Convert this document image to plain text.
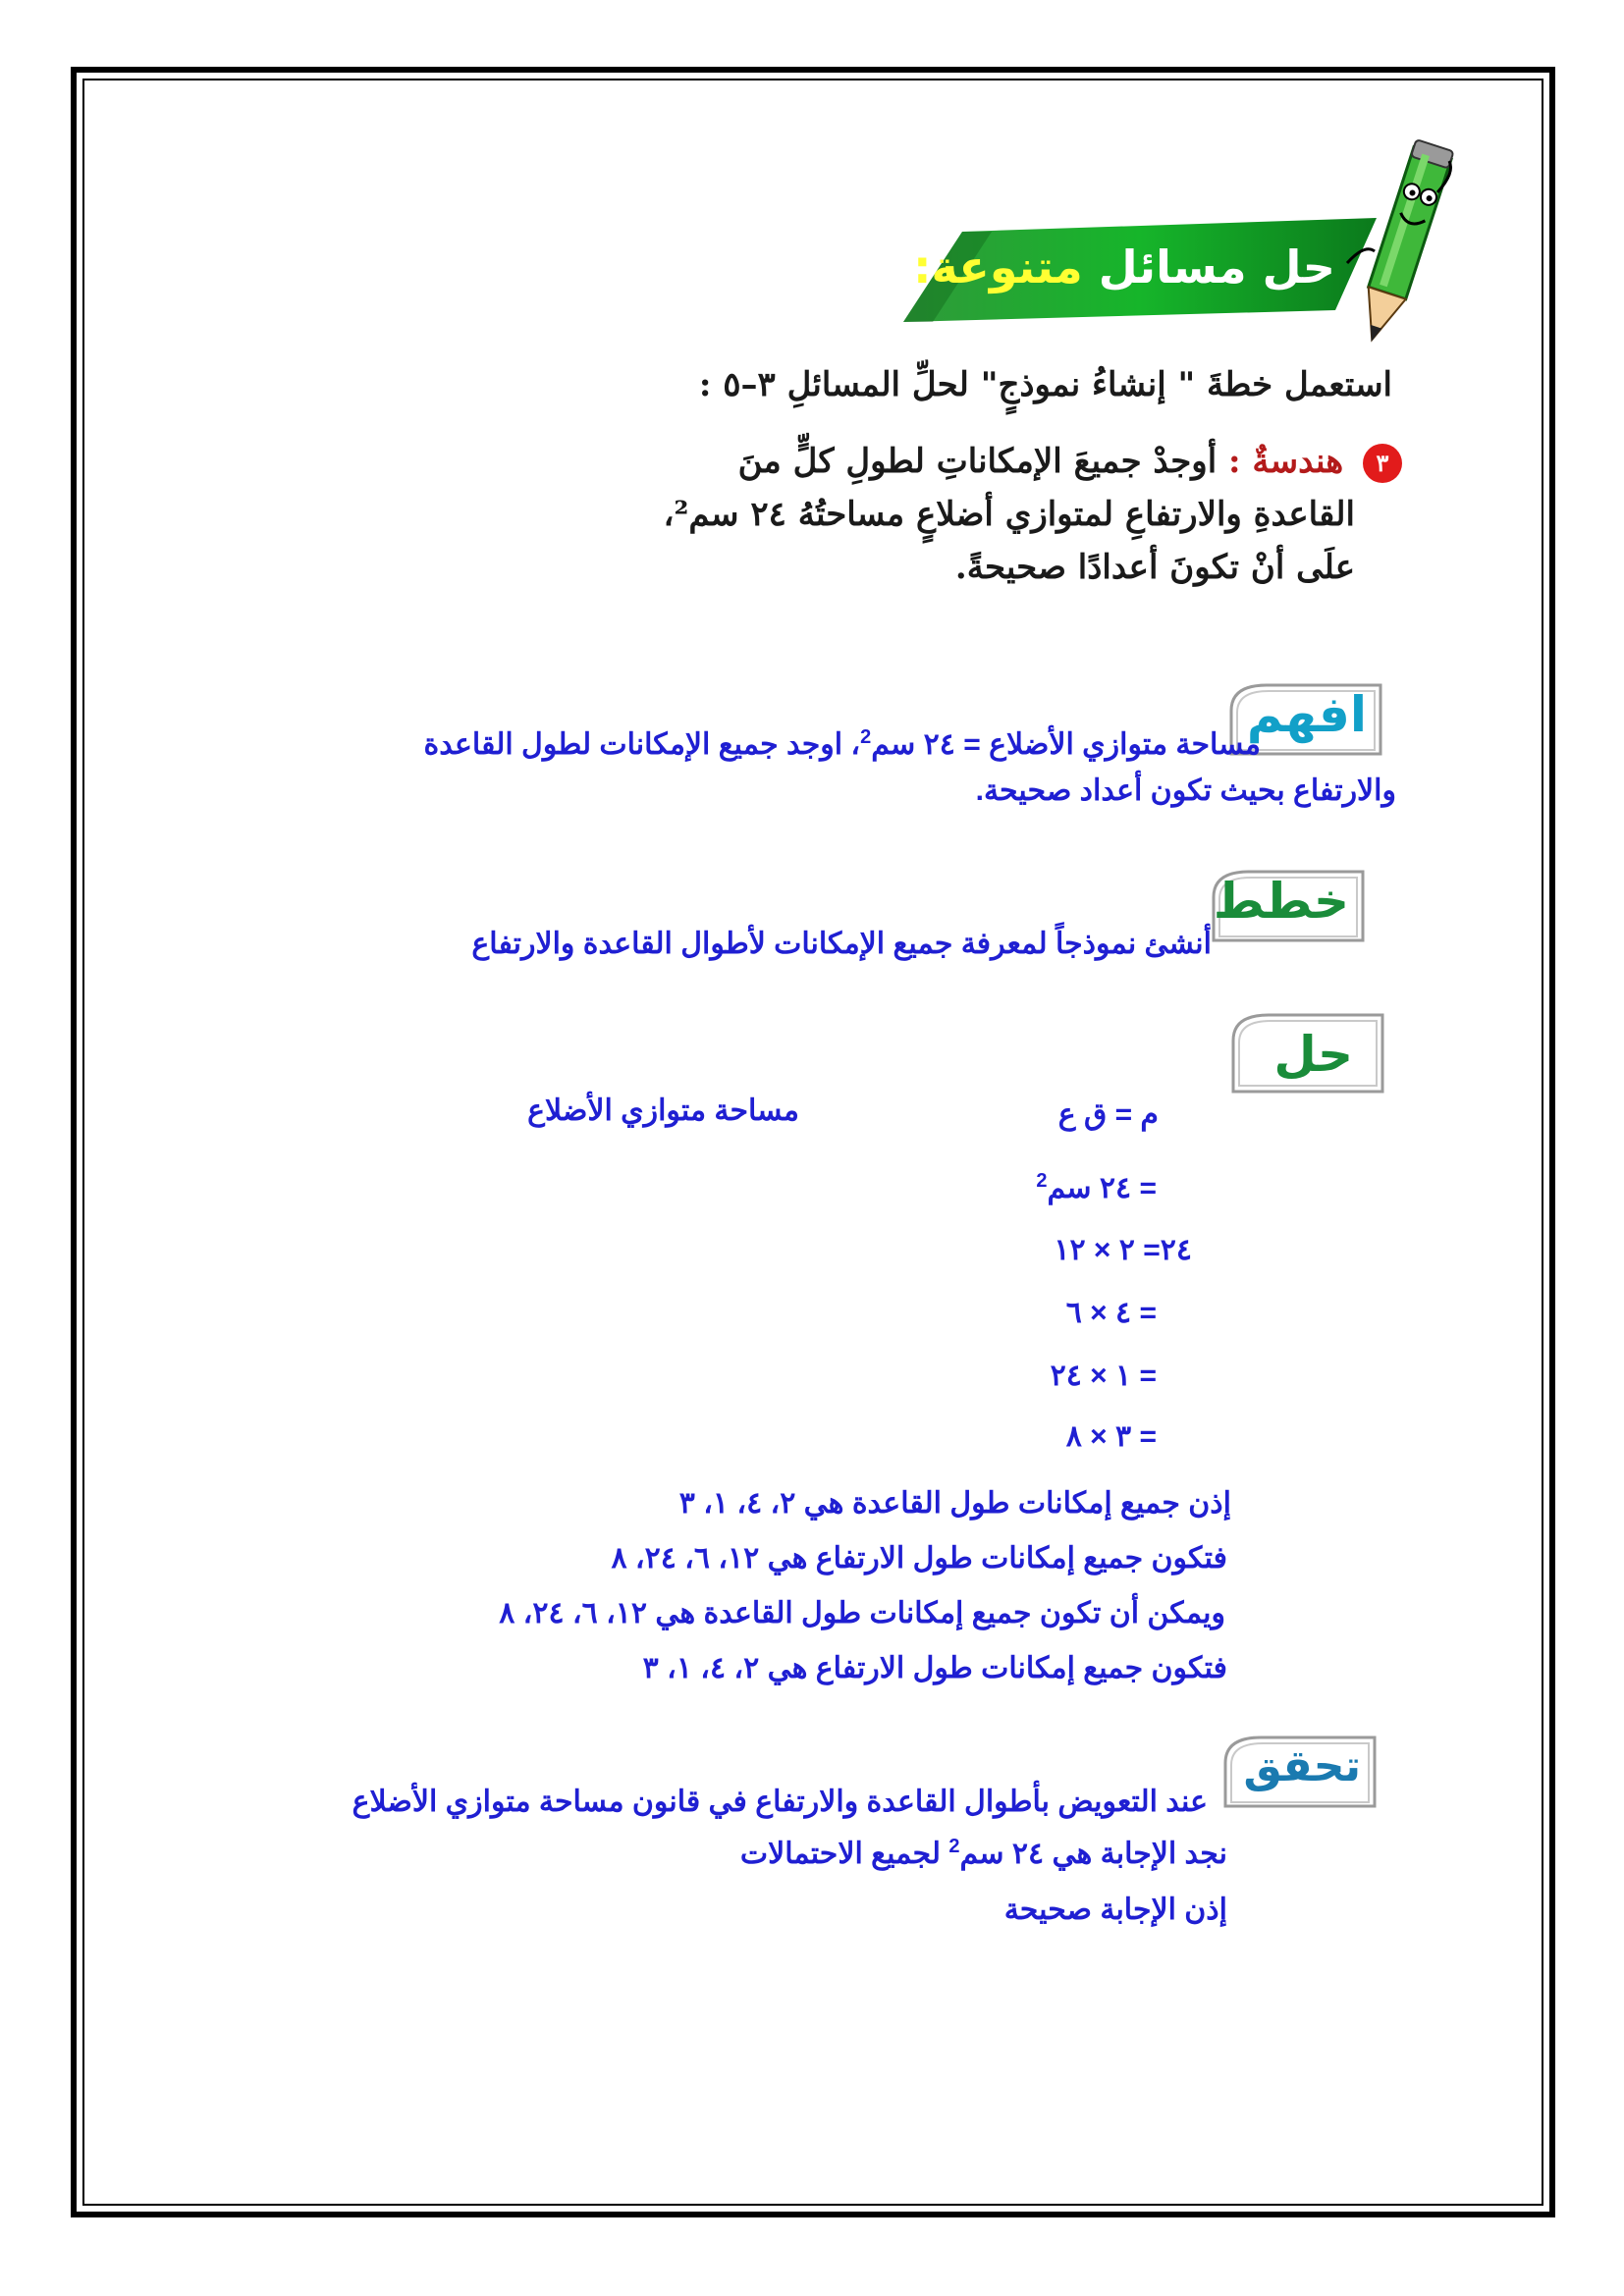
حل مسائل

متنوعة:
استعمل خطةَ " إنشاءُ نموذجٍ" لحلِّ المسائلِ ٣–٥ :
٣ هندسةٌ : أوجدْ جميعَ الإمكاناتِ لطولِ كلٍّ منَ
القاعدةِ والارتفاعِ لمتوازي أضلاعٍ مساحتُهُ ٢٤ سم²،
علَى أنْ تكونَ أعدادًا صحيحةً.
افهم
مساحة متوازي الأضلاع = ٢٤ سم$^2$، اوجد جميع الإمكانات لطول القاعدة
والارتفاع بحيث تكون أعداد صحيحة.
خطط
أنشئ نموذجاً لمعرفة جميع الإمكانات لأطوال القاعدة والارتفاع
حل
م = ق ع
مساحة متوازي الأضلاع
= ٢٤ سم$^2$
٢٤= ٢ × ١٢
= ٤ × ٦
= ١ × ٢٤
= ٣ × ٨
إذن جميع إمكانات طول القاعدة هي ٢، ٤، ١، ٣
فتكون جميع إمكانات طول الارتفاع هي ١٢، ٦، ٢٤، ٨
ويمكن أن تكون جميع إمكانات طول القاعدة هي ١٢، ٦، ٢٤، ٨
فتكون جميع إمكانات طول الارتفاع هي ٢، ٤، ١، ٣
تحقق
عند التعويض بأطوال القاعدة والارتفاع في قانون مساحة متوازي الأضلاع
نجد الإجابة هي ٢٤ سم$^2$ لجميع الاحتمالات
إذن الإجابة صحيحة
